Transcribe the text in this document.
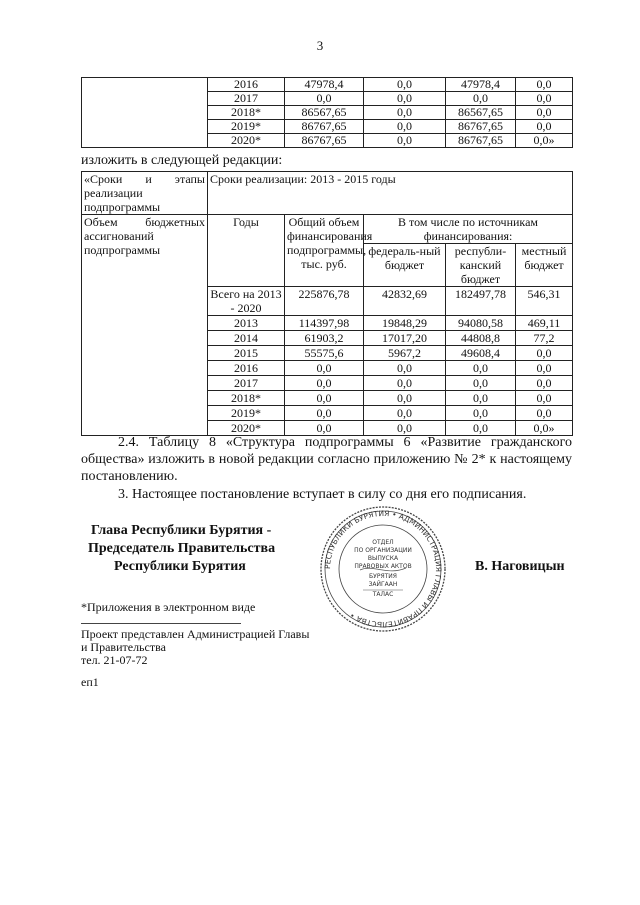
3
	2016	47978,4	0,0	47978,4	0,0
	2017	0,0	0,0	0,0	0,0
	2018*	86567,65	0,0	86567,65	0,0
	2019*	86767,65	0,0	86767,65	0,0
	2020*	86767,65	0,0	86767,65	0,0»
изложить в следующей редакции:
«Сроки и этапы реализации подпрограммы	Сроки реализации: 2013 - 2015 годы				
Объем бюджетных ассигнований подпрограммы	Годы	Общий объем финансирования подпрограммы, тыс. руб.	В том числе по источникам финансирования:		
			федераль-ный бюджет	республи-канский бюджет	местный бюджет
	Всего на 2013 - 2020	225876,78	42832,69	182497,78	546,31
	2013	114397,98	19848,29	94080,58	469,11
	2014	61903,2	17017,20	44808,8	77,2
	2015	55575,6	5967,2	49608,4	0,0
	2016	0,0	0,0	0,0	0,0
	2017	0,0	0,0	0,0	0,0
	2018*	0,0	0,0	0,0	0,0
	2019*	0,0	0,0	0,0	0,0
	2020*	0,0	0,0	0,0	0,0»
2.4. Таблицу 8 «Структура подпрограммы 6 «Развитие гражданского общества» изложить в новой редакции согласно приложению № 2* к настоящему постановлению.
3. Настоящее постановление вступает в силу со дня его подписания.
Глава Республики Бурятия -
Председатель Правительства
Республики Бурятия	В. Наговицын
РЕСПУБЛИКИ БУРЯТИЯ • АДМИНИСТРАЦИЯ ГЛАВЫ И ПРАВИТЕЛЬСТВА •
ОТДЕЛ
ПО ОРГАНИЗАЦИИ
ВЫПУСКА
ПРАВОВЫХ АКТОВ
БУРЯТИЯ
ЗАЙГААН
ТАЛАС
*Приложения в электронном виде
Проект представлен Администрацией Главы
и Правительства
тел. 21-07-72
еп1
